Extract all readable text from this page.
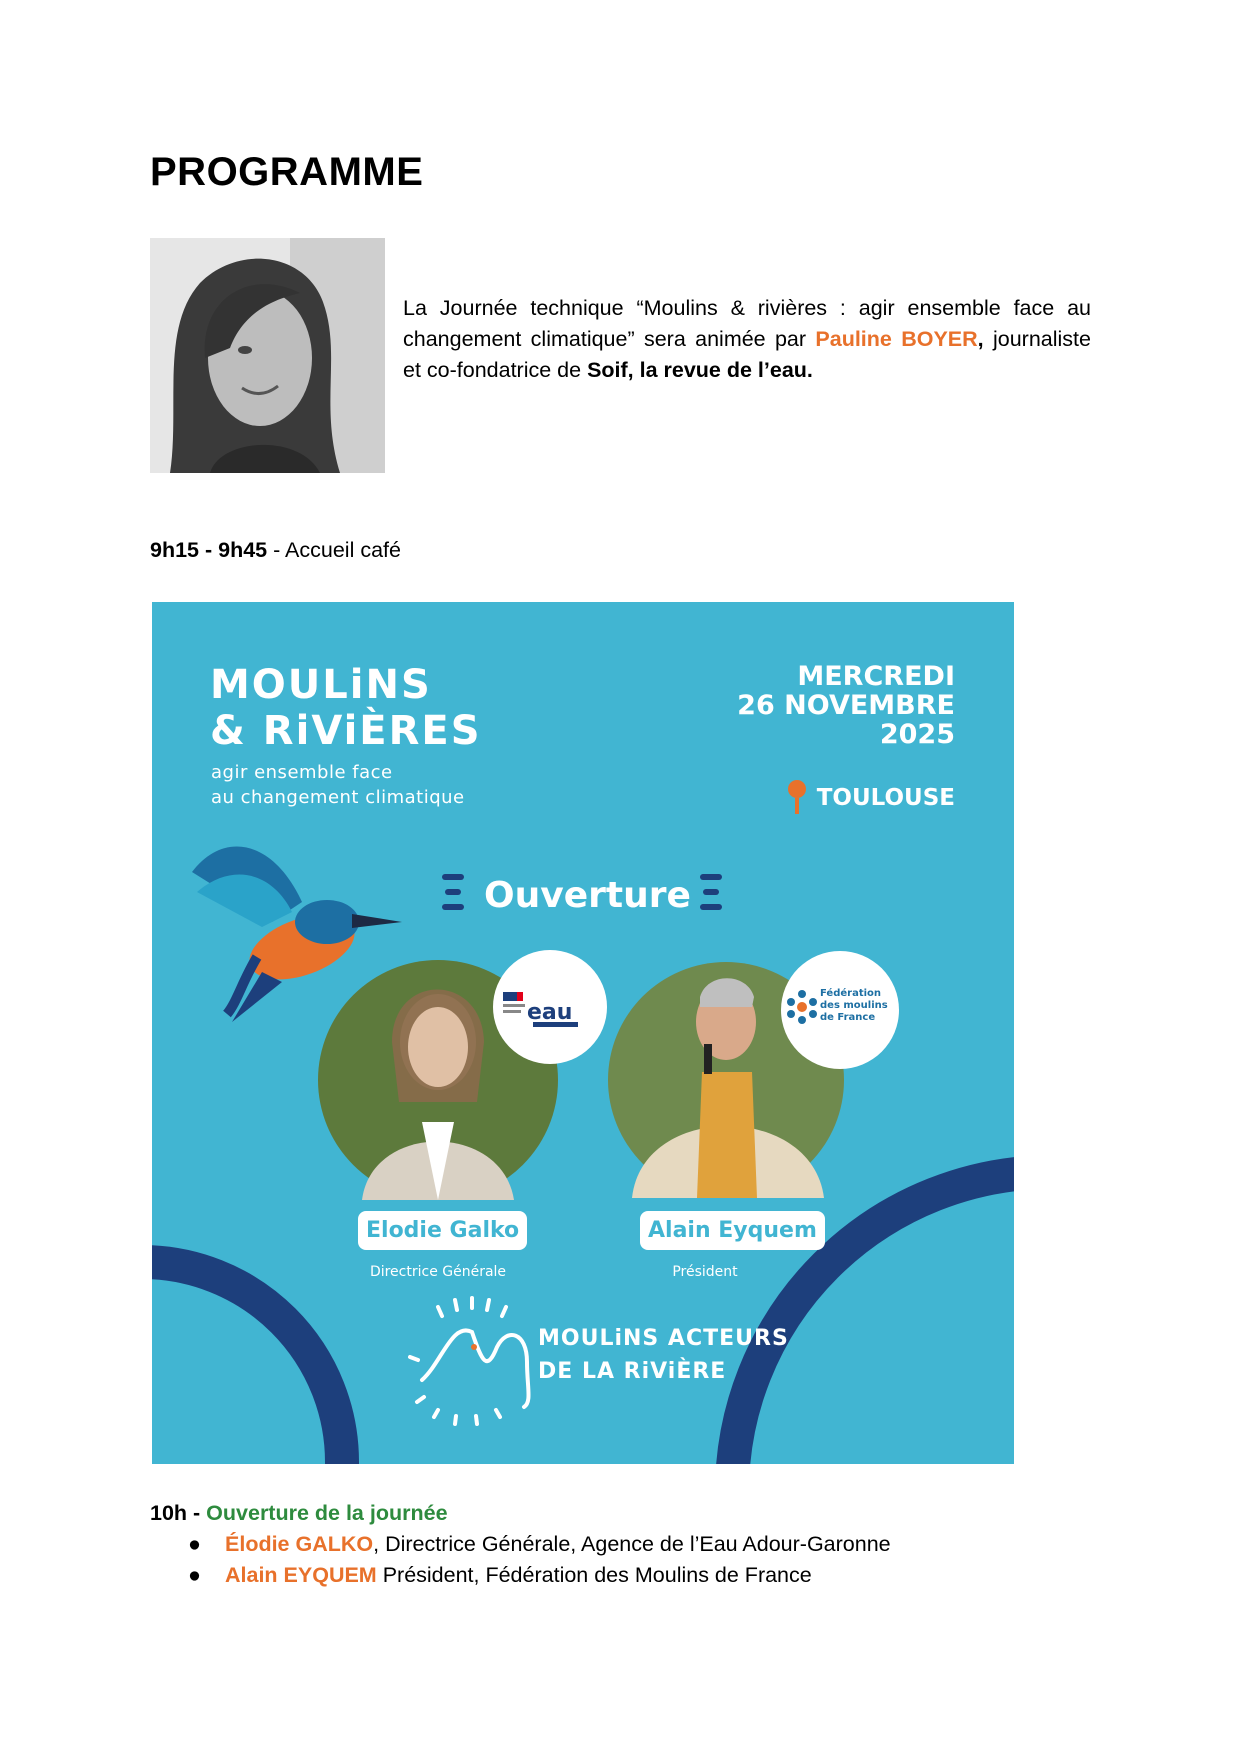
PROGRAMME
La Journée technique “Moulins & rivières : agir ensemble face au changement climatique” sera animée par Pauline BOYER, journaliste et co-fondatrice de Soif, la revue de l’eau.
9h15 - 9h45 - Accueil café
MOULiNS
& RiViÈRES
agir ensemble face
au changement climatique
MERCREDI
26 NOVEMBRE
2025
TOULOUSE
Ouverture
eau
Fédération
des moulins
de France
Elodie Galko
Directrice Générale
Alain Eyquem
Président
MOULiNS ACTEURS
DE LA RiViÈRE
10h - Ouverture de la journée
● Élodie GALKO, Directrice Générale, Agence de l’Eau Adour-Garonne
● Alain EYQUEM Président, Fédération des Moulins de France
